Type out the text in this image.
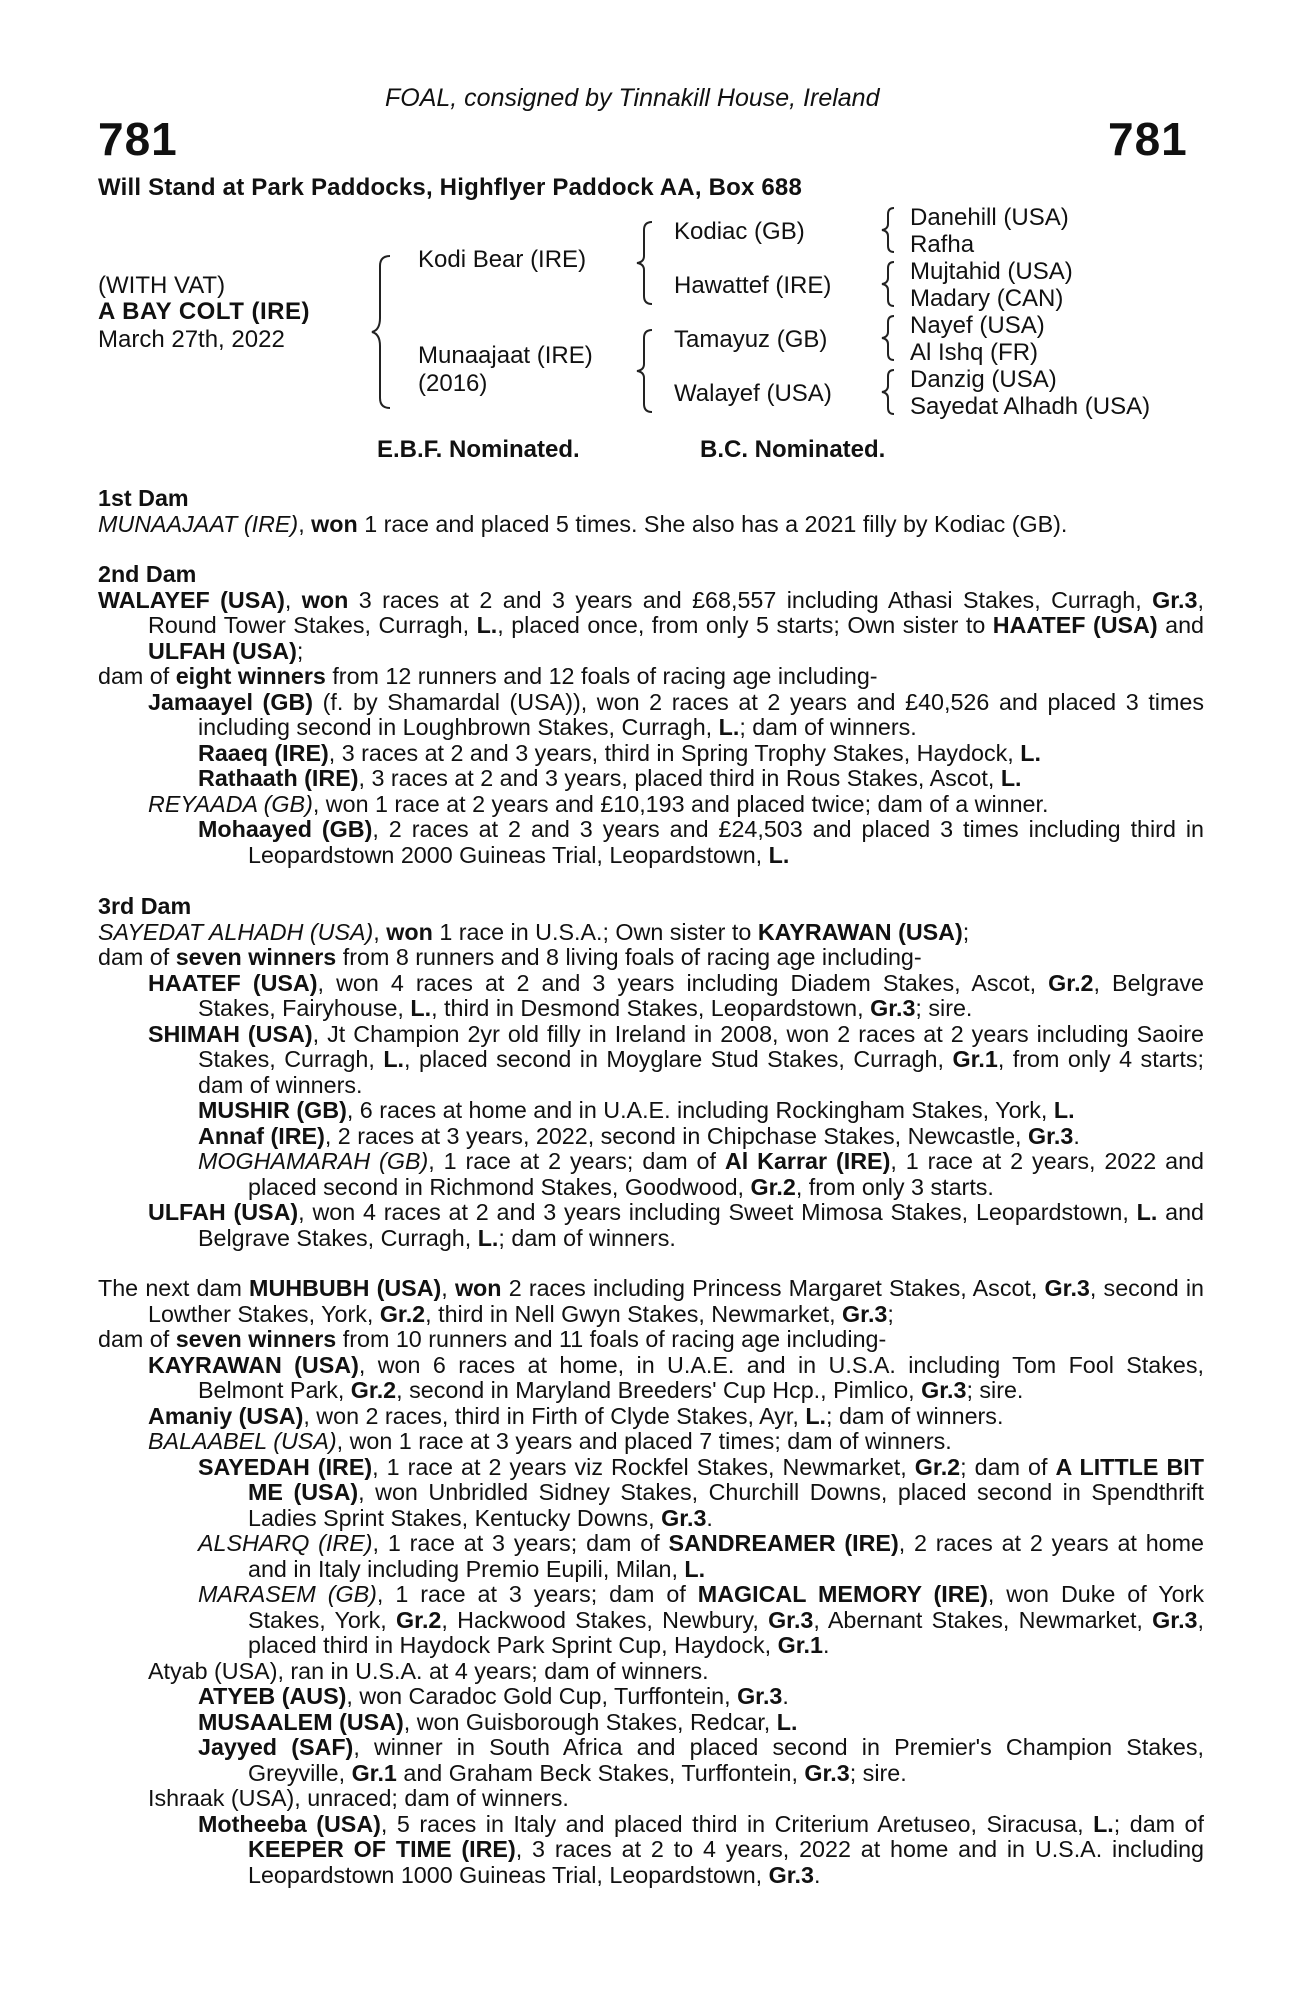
FOAL, consigned by Tinnakill House, Ireland
781	781
Will Stand at Park Paddocks, Highflyer Paddock AA, Box 688
(WITH VAT)
A BAY COLT (IRE)
March 27th, 2022
Kodi Bear (IRE)
Munaajaat (IRE)
(2016)
Kodiac (GB)
Hawattef (IRE)
Tamayuz (GB)
Walayef (USA)
Danehill (USA)
Rafha
Mujtahid (USA)
Madary (CAN)
Nayef (USA)
Al Ishq (FR)
Danzig (USA)
Sayedat Alhadh (USA)
E.B.F. Nominated.	B.C. Nominated.

1st Dam

MUNAAJAAT (IRE), won 1 race and placed 5 times. She also has a 2021 filly by Kodiac (GB).

2nd Dam

WALAYEF (USA), won 3 races at 2 and 3 years and £68,557 including Athasi Stakes, Curragh, Gr.3, Round Tower Stakes, Curragh, L., placed once, from only 5 starts; Own sister to HAATEF (USA) and ULFAH (USA);

dam of eight winners from 12 runners and 12 foals of racing age including-

Jamaayel (GB) (f. by Shamardal (USA)), won 2 races at 2 years and £40,526 and placed 3 times including second in Loughbrown Stakes, Curragh, L.; dam of winners.

Raaeq (IRE), 3 races at 2 and 3 years, third in Spring Trophy Stakes, Haydock, L.

Rathaath (IRE), 3 races at 2 and 3 years, placed third in Rous Stakes, Ascot, L.

REYAADA (GB), won 1 race at 2 years and £10,193 and placed twice; dam of a winner.

Mohaayed (GB), 2 races at 2 and 3 years and £24,503 and placed 3 times including third in Leopardstown 2000 Guineas Trial, Leopardstown, L.

3rd Dam

SAYEDAT ALHADH (USA), won 1 race in U.S.A.; Own sister to KAYRAWAN (USA);

dam of seven winners from 8 runners and 8 living foals of racing age including-

HAATEF (USA), won 4 races at 2 and 3 years including Diadem Stakes, Ascot, Gr.2, Belgrave Stakes, Fairyhouse, L., third in Desmond Stakes, Leopardstown, Gr.3; sire.

SHIMAH (USA), Jt Champion 2yr old filly in Ireland in 2008, won 2 races at 2 years including Saoire Stakes, Curragh, L., placed second in Moyglare Stud Stakes, Curragh, Gr.1, from only 4 starts; dam of winners.

MUSHIR (GB), 6 races at home and in U.A.E. including Rockingham Stakes, York, L.

Annaf (IRE), 2 races at 3 years, 2022, second in Chipchase Stakes, Newcastle, Gr.3.

MOGHAMARAH (GB), 1 race at 2 years; dam of Al Karrar (IRE), 1 race at 2 years, 2022 and placed second in Richmond Stakes, Goodwood, Gr.2, from only 3 starts.

ULFAH (USA), won 4 races at 2 and 3 years including Sweet Mimosa Stakes, Leopardstown, L. and Belgrave Stakes, Curragh, L.; dam of winners.

The next dam MUHBUBH (USA), won 2 races including Princess Margaret Stakes, Ascot, Gr.3, second in Lowther Stakes, York, Gr.2, third in Nell Gwyn Stakes, Newmarket, Gr.3;

dam of seven winners from 10 runners and 11 foals of racing age including-

KAYRAWAN (USA), won 6 races at home, in U.A.E. and in U.S.A. including Tom Fool Stakes, Belmont Park, Gr.2, second in Maryland Breeders' Cup Hcp., Pimlico, Gr.3; sire.

Amaniy (USA), won 2 races, third in Firth of Clyde Stakes, Ayr, L.; dam of winners.

BALAABEL (USA), won 1 race at 3 years and placed 7 times; dam of winners.

SAYEDAH (IRE), 1 race at 2 years viz Rockfel Stakes, Newmarket, Gr.2; dam of A LITTLE BIT ME (USA), won Unbridled Sidney Stakes, Churchill Downs, placed second in Spendthrift Ladies Sprint Stakes, Kentucky Downs, Gr.3.

ALSHARQ (IRE), 1 race at 3 years; dam of SANDREAMER (IRE), 2 races at 2 years at home and in Italy including Premio Eupili, Milan, L.

MARASEM (GB), 1 race at 3 years; dam of MAGICAL MEMORY (IRE), won Duke of York Stakes, York, Gr.2, Hackwood Stakes, Newbury, Gr.3, Abernant Stakes, Newmarket, Gr.3, placed third in Haydock Park Sprint Cup, Haydock, Gr.1.

Atyab (USA), ran in U.S.A. at 4 years; dam of winners.

ATYEB (AUS), won Caradoc Gold Cup, Turffontein, Gr.3.

MUSAALEM (USA), won Guisborough Stakes, Redcar, L.

Jayyed (SAF), winner in South Africa and placed second in Premier's Champion Stakes, Greyville, Gr.1 and Graham Beck Stakes, Turffontein, Gr.3; sire.

Ishraak (USA), unraced; dam of winners.

Motheeba (USA), 5 races in Italy and placed third in Criterium Aretuseo, Siracusa, L.; dam of KEEPER OF TIME (IRE), 3 races at 2 to 4 years, 2022 at home and in U.S.A. including Leopardstown 1000 Guineas Trial, Leopardstown, Gr.3.
